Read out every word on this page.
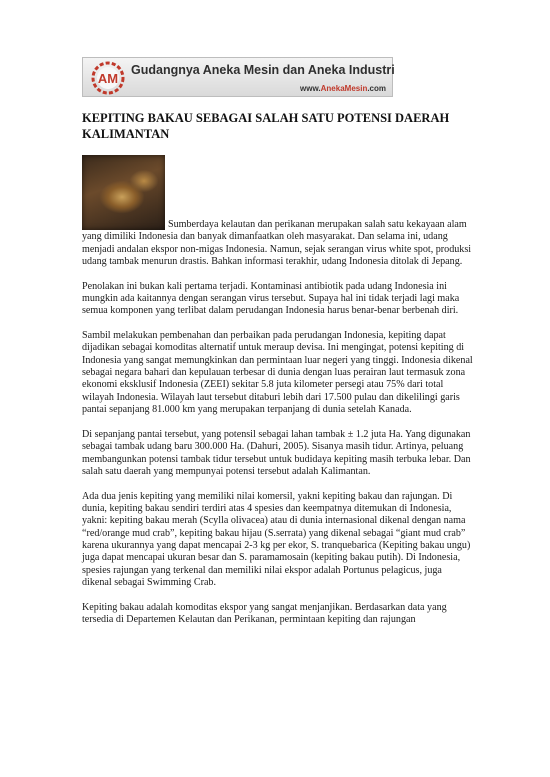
AM
Gudangnya Aneka Mesin dan Aneka Industri
www.AnekaMesin.com
KEPITING BAKAU SEBAGAI SALAH SATU POTENSI DAERAH KALIMANTAN

Sumberdaya kelautan dan perikanan merupakan salah satu kekayaan alam yang dimiliki Indonesia dan banyak dimanfaatkan oleh masyarakat. Dan selama ini, udang menjadi andalan ekspor non-migas Indonesia. Namun, sejak serangan virus white spot, produksi udang tambak menurun drastis. Bahkan informasi terakhir, udang Indonesia ditolak di Jepang.

Penolakan ini bukan kali pertama terjadi. Kontaminasi antibiotik pada udang Indonesia ini mungkin ada kaitannya dengan serangan virus tersebut. Supaya hal ini tidak terjadi lagi maka semua komponen yang terlibat dalam perudangan Indonesia harus benar-benar berbenah diri.

Sambil melakukan pembenahan dan perbaikan pada perudangan Indonesia, kepiting dapat dijadikan sebagai komoditas alternatif untuk meraup devisa. Ini mengingat, potensi kepiting di Indonesia yang sangat memungkinkan dan permintaan luar negeri yang tinggi. Indonesia dikenal sebagai negara bahari dan kepulauan terbesar di dunia dengan luas perairan laut termasuk zona ekonomi eksklusif Indonesia (ZEEI) sekitar 5.8 juta kilometer persegi atau 75% dari total wilayah Indonesia. Wilayah laut tersebut ditaburi lebih dari 17.500 pulau dan dikelilingi garis pantai sepanjang 81.000 km yang merupakan terpanjang di dunia setelah Kanada.

Di sepanjang pantai tersebut, yang potensil sebagai lahan tambak ± 1.2 juta Ha. Yang digunakan sebagai tambak udang baru 300.000 Ha. (Dahuri, 2005). Sisanya masih tidur. Artinya, peluang membangunkan potensi tambak tidur tersebut untuk budidaya kepiting masih terbuka lebar. Dan salah satu daerah yang mempunyai potensi tersebut adalah Kalimantan.

Ada dua jenis kepiting yang memiliki nilai komersil, yakni kepiting bakau dan rajungan. Di dunia, kepiting bakau sendiri terdiri atas 4 spesies dan keempatnya ditemukan di Indonesia, yakni: kepiting bakau merah (Scylla olivacea) atau di dunia internasional dikenal dengan nama “red/orange mud crab”, kepiting bakau hijau (S.serrata) yang dikenal sebagai “giant mud crab” karena ukurannya yang dapat mencapai 2-3 kg per ekor, S. tranquebarica (Kepiting bakau ungu) juga dapat mencapai ukuran besar dan S. paramamosain (kepiting bakau putih). Di Indonesia, spesies rajungan yang terkenal dan memiliki nilai ekspor adalah Portunus pelagicus, juga dikenal sebagai Swimming Crab.

Kepiting bakau adalah komoditas ekspor yang sangat menjanjikan. Berdasarkan data yang tersedia di Departemen Kelautan dan Perikanan, permintaan kepiting dan rajungan
